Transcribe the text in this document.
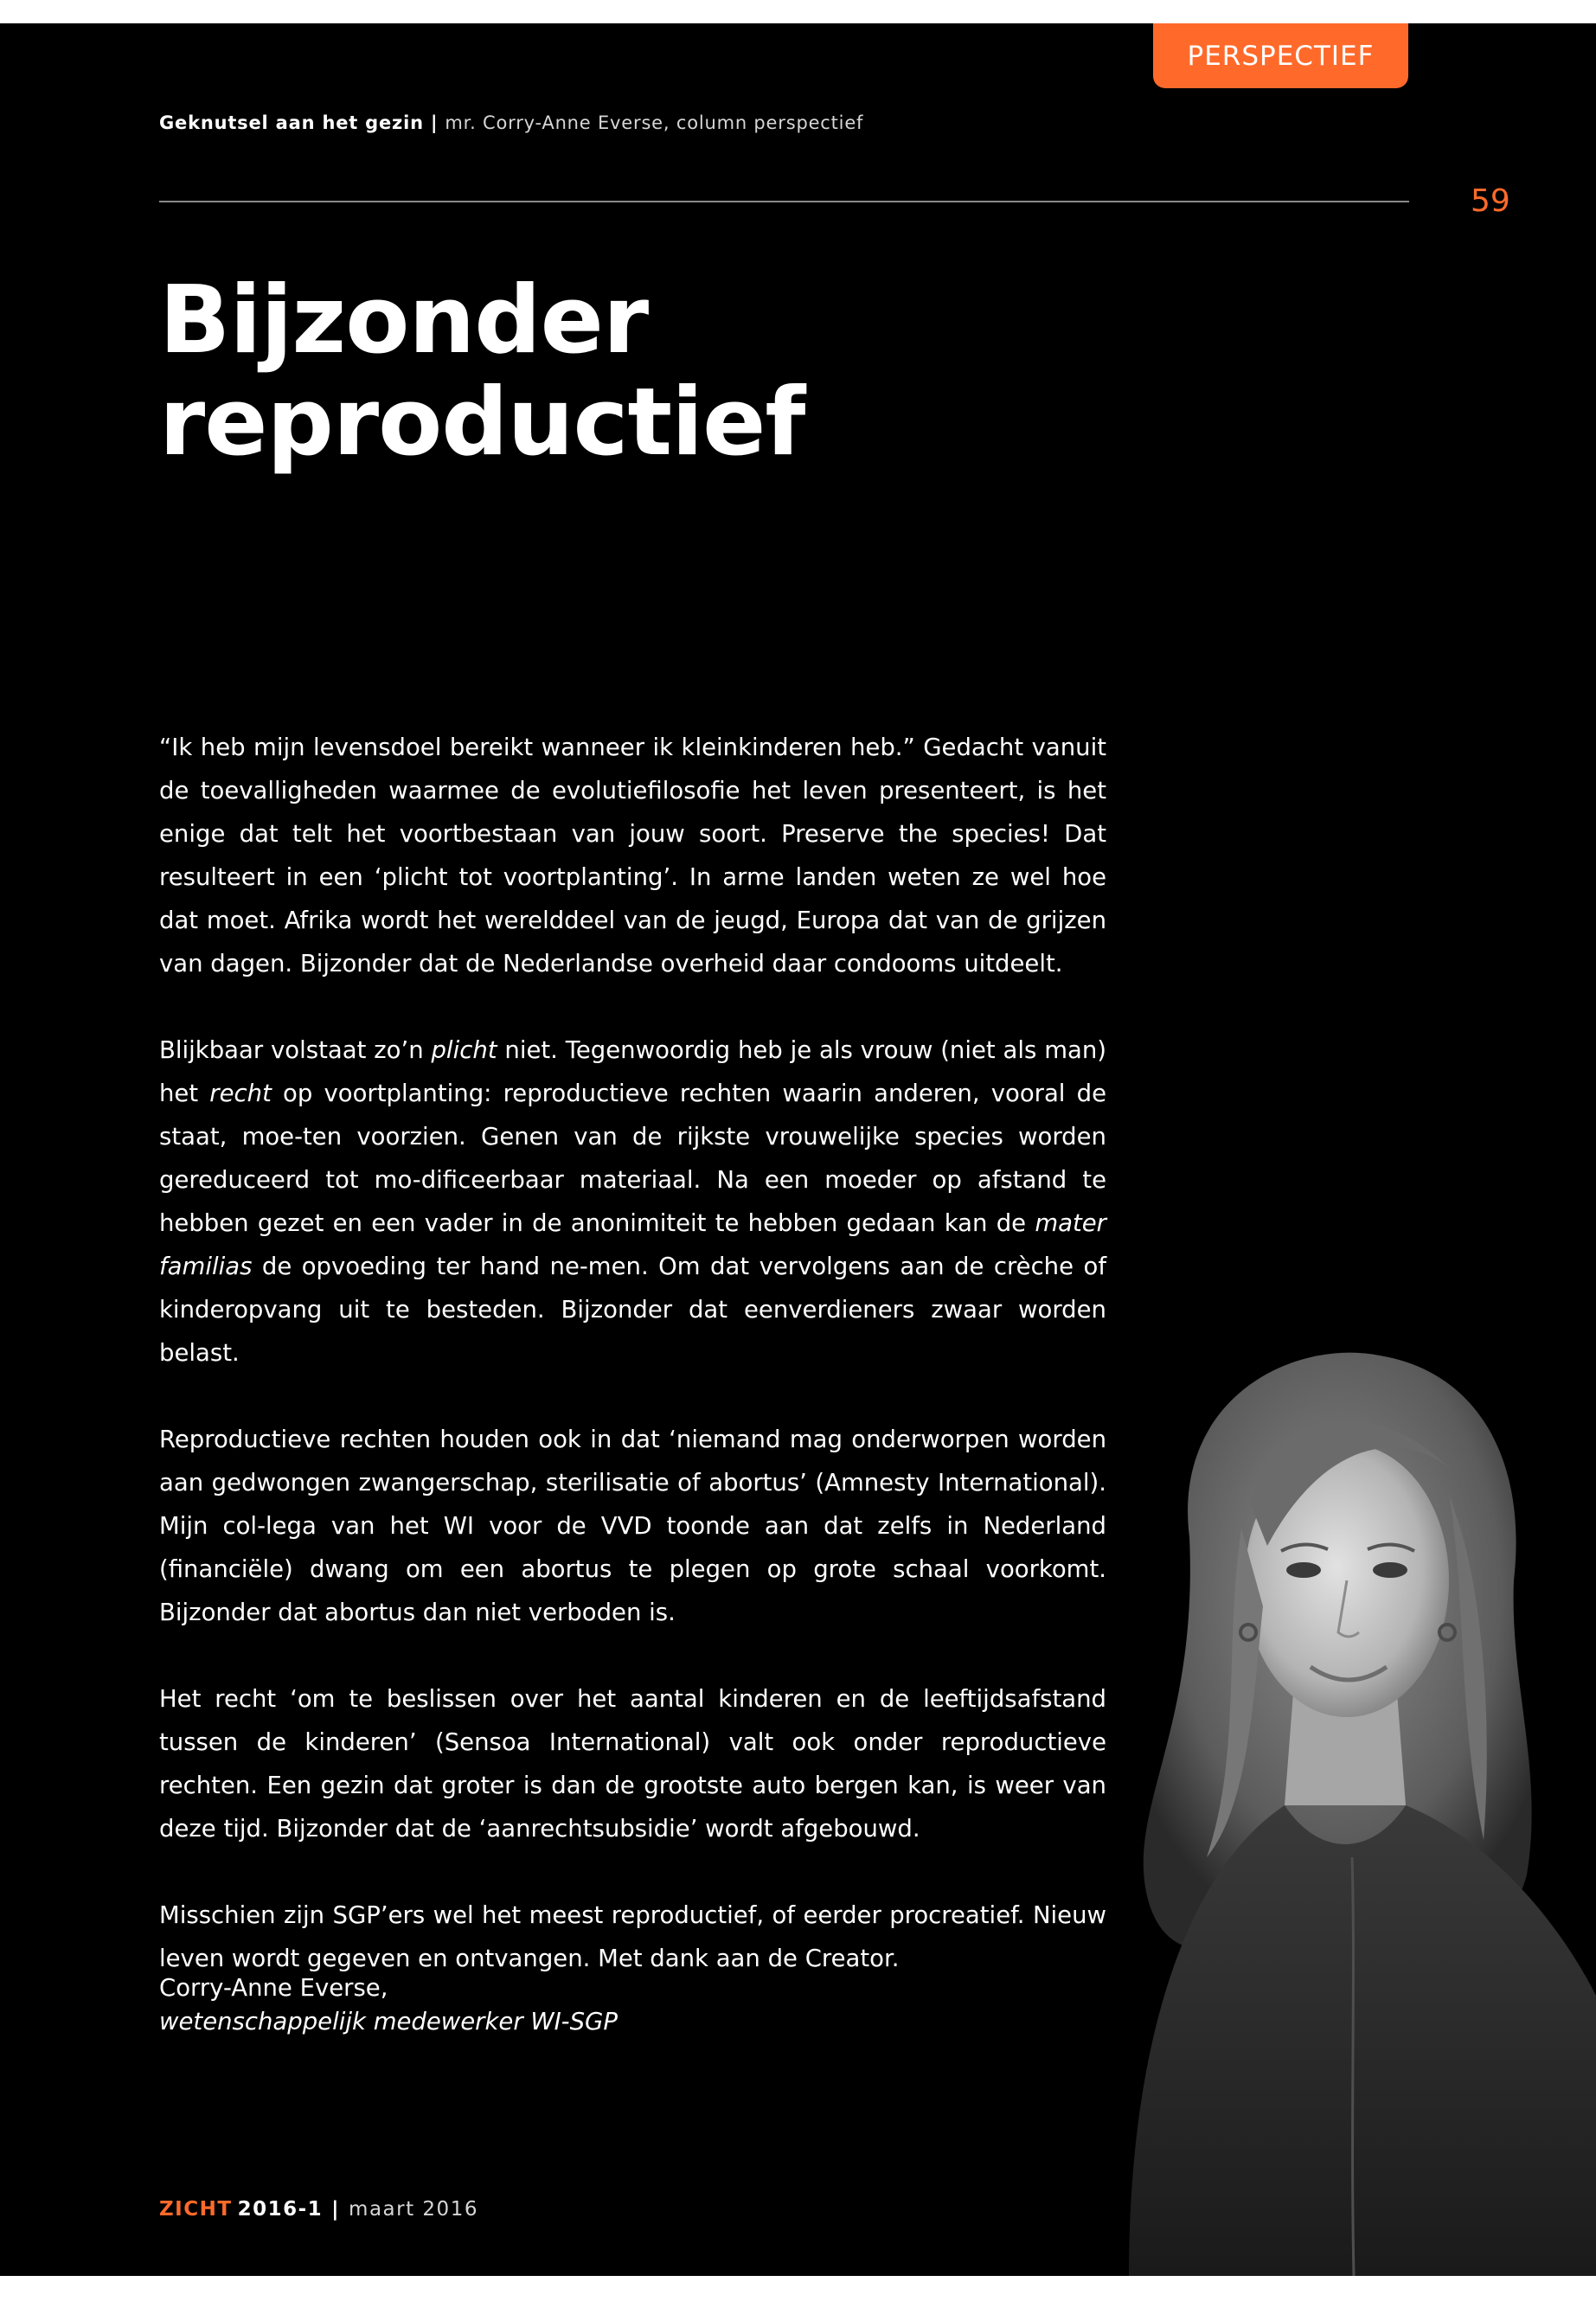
PERSPECTIEF
Geknutsel aan het gezin | mr. Corry-Anne Everse, column perspectief
59
Bijzonder
reproductief

“Ik heb mijn levensdoel bereikt wanneer ik kleinkinderen heb.” Gedacht vanuit de toevalligheden waarmee de evolutiefilosofie het leven presenteert, is het enige dat telt het voortbestaan van jouw soort. Preserve the species! Dat resulteert in een ‘plicht tot voortplanting’. In arme landen weten ze wel hoe dat moet. Afrika wordt het werelddeel van de jeugd, Europa dat van de grijzen van dagen. Bijzonder dat de Nederlandse overheid daar condooms uitdeelt.

Blijkbaar volstaat zo’n plicht niet. Tegenwoordig heb je als vrouw (niet als man) het recht op voortplanting: reproductieve rechten waarin anderen, vooral de staat, moe-ten voorzien. Genen van de rijkste vrouwelijke species worden gereduceerd tot mo-dificeerbaar materiaal. Na een moeder op afstand te hebben gezet en een vader in de anonimiteit te hebben gedaan kan de mater familias de opvoeding ter hand ne-men. Om dat vervolgens aan de crèche of kinderopvang uit te besteden. Bijzonder dat eenverdieners zwaar worden belast.

Reproductieve rechten houden ook in dat ‘niemand mag onderworpen worden aan gedwongen zwangerschap, sterilisatie of abortus’ (Amnesty International). Mijn col-lega van het WI voor de VVD toonde aan dat zelfs in Nederland (financiële) dwang om een abortus te plegen op grote schaal voorkomt. Bijzonder dat abortus dan niet verboden is.

Het recht ‘om te beslissen over het aantal kinderen en de leeftijdsafstand tussen de kinderen’ (Sensoa International) valt ook onder reproductieve rechten. Een gezin dat groter is dan de grootste auto bergen kan, is weer van deze tijd. Bijzonder dat de ‘aanrechtsubsidie’ wordt afgebouwd.

Misschien zijn SGP’ers wel het meest reproductief, of eerder procreatief. Nieuw leven wordt gegeven en ontvangen. Met dank aan de Creator.

Corry-Anne Everse,
wetenschappelijk medewerker WI-SGP
ZICHT 2016-1 | maart 2016
